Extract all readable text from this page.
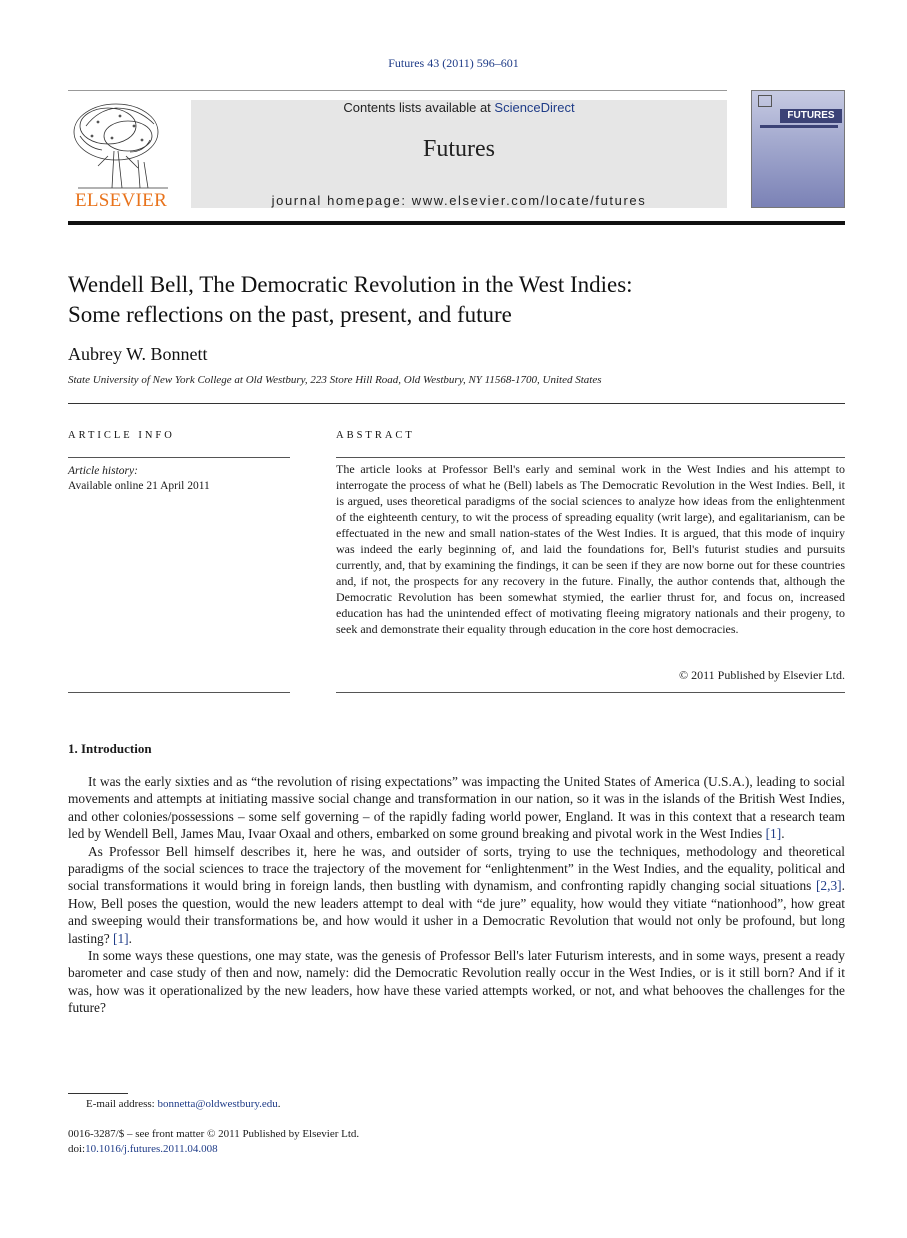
Futures 43 (2011) 596–601
ELSEVIER
Contents lists available at ScienceDirect
Futures
journal homepage: www.elsevier.com/locate/futures
FUTURES
Wendell Bell, The Democratic Revolution in the West Indies:
Some reflections on the past, present, and future
Aubrey W. Bonnett
State University of New York College at Old Westbury, 223 Store Hill Road, Old Westbury, NY 11568-1700, United States
ARTICLE INFO	ABSTRACT
Article history:
Available online 21 April 2011
The article looks at Professor Bell's early and seminal work in the West Indies and his attempt to interrogate the process of what he (Bell) labels as The Democratic Revolution in the West Indies. Bell, it is argued, uses theoretical paradigms of the social sciences to analyze how ideas from the enlightenment of the eighteenth century, to wit the process of spreading equality (writ large), and egalitarianism, can be effectuated in the new and small nation-states of the West Indies. It is argued, that this mode of inquiry was indeed the early beginning of, and laid the foundations for, Bell's futurist studies and pursuits currently, and, that by examining the findings, it can be seen if they are now borne out for these countries and, if not, the prospects for any recovery in the future. Finally, the author contends that, although the Democratic Revolution has been somewhat stymied, the earlier thrust for, and focus on, increased education has had the unintended effect of motivating fleeing migratory nationals and their progeny, to seek and demonstrate their equality through education in the core host democracies.
© 2011 Published by Elsevier Ltd.
1. Introduction

It was the early sixties and as “the revolution of rising expectations” was impacting the United States of America (U.S.A.), leading to social movements and attempts at initiating massive social change and transformation in our nation, so it was in the islands of the British West Indies, and other colonies/possessions – some self governing – of the rapidly fading world power, England. It was in this context that a research team led by Wendell Bell, James Mau, Ivaar Oxaal and others, embarked on some ground breaking and pivotal work in the West Indies [1].

As Professor Bell himself describes it, here he was, and outsider of sorts, trying to use the techniques, methodology and theoretical paradigms of the social sciences to trace the trajectory of the movement for “enlightenment” in the West Indies, and the equality, political and social transformations it would bring in foreign lands, then bustling with dynamism, and confronting rapidly changing social situations [2,3]. How, Bell poses the question, would the new leaders attempt to deal with “de jure” equality, how would they vitiate “nationhood”, how great and sweeping would their transformations be, and how would it usher in a Democratic Revolution that would not only be profound, but long lasting? [1].

In some ways these questions, one may state, was the genesis of Professor Bell's later Futurism interests, and in some ways, present a ready barometer and case study of then and now, namely: did the Democratic Revolution really occur in the West Indies, or is it still born? And if it was, how was it operationalized by the new leaders, how have these varied attempts worked, or not, and what behooves the challenges for the future?

E-mail address: bonnetta@oldwestbury.edu.
0016-3287/$ – see front matter © 2011 Published by Elsevier Ltd.
doi:10.1016/j.futures.2011.04.008
